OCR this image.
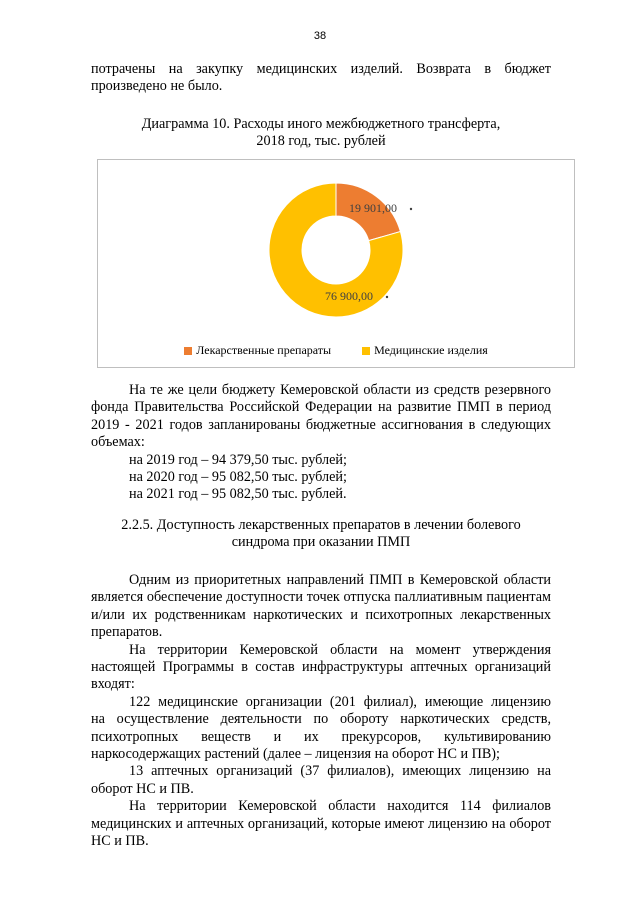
38
потрачены на закупку медицинских изделий. Возврата в бюджет
произведено не было.
Диаграмма 10. Расходы иного межбюджетного трансферта,
2018 год, тыс. рублей
19 901,00
76 900,00
Лекарственные препараты	Медицинские изделия
На те же цели бюджету Кемеровской области из средств резервного
фонда Правительства Российской Федерации на развитие ПМП в период
2019 - 2021 годов запланированы бюджетные ассигнования в следующих
объемах:
на 2019 год – 94 379,50 тыс. рублей;
на 2020 год – 95 082,50 тыс. рублей;
на 2021 год – 95 082,50 тыс. рублей.
2.2.5. Доступность лекарственных препаратов в лечении болевого
синдрома при оказании ПМП
Одним из приоритетных направлений ПМП в Кемеровской области
является обеспечение доступности точек отпуска паллиативным пациентам
и/или их родственникам наркотических и психотропных лекарственных
препаратов.
На территории Кемеровской области на момент утверждения
настоящей Программы в состав инфраструктуры аптечных организаций
входят:
122 медицинские организации (201 филиал), имеющие лицензию
на осуществление деятельности по обороту наркотических средств,
психотропных веществ и их прекурсоров, культивированию
наркосодержащих растений (далее – лицензия на оборот НС и ПВ);
13 аптечных организаций (37 филиалов), имеющих лицензию на
оборот НС и ПВ.
На территории Кемеровской области находится 114 филиалов
медицинских и аптечных организаций, которые имеют лицензию на оборот
НС и ПВ.
